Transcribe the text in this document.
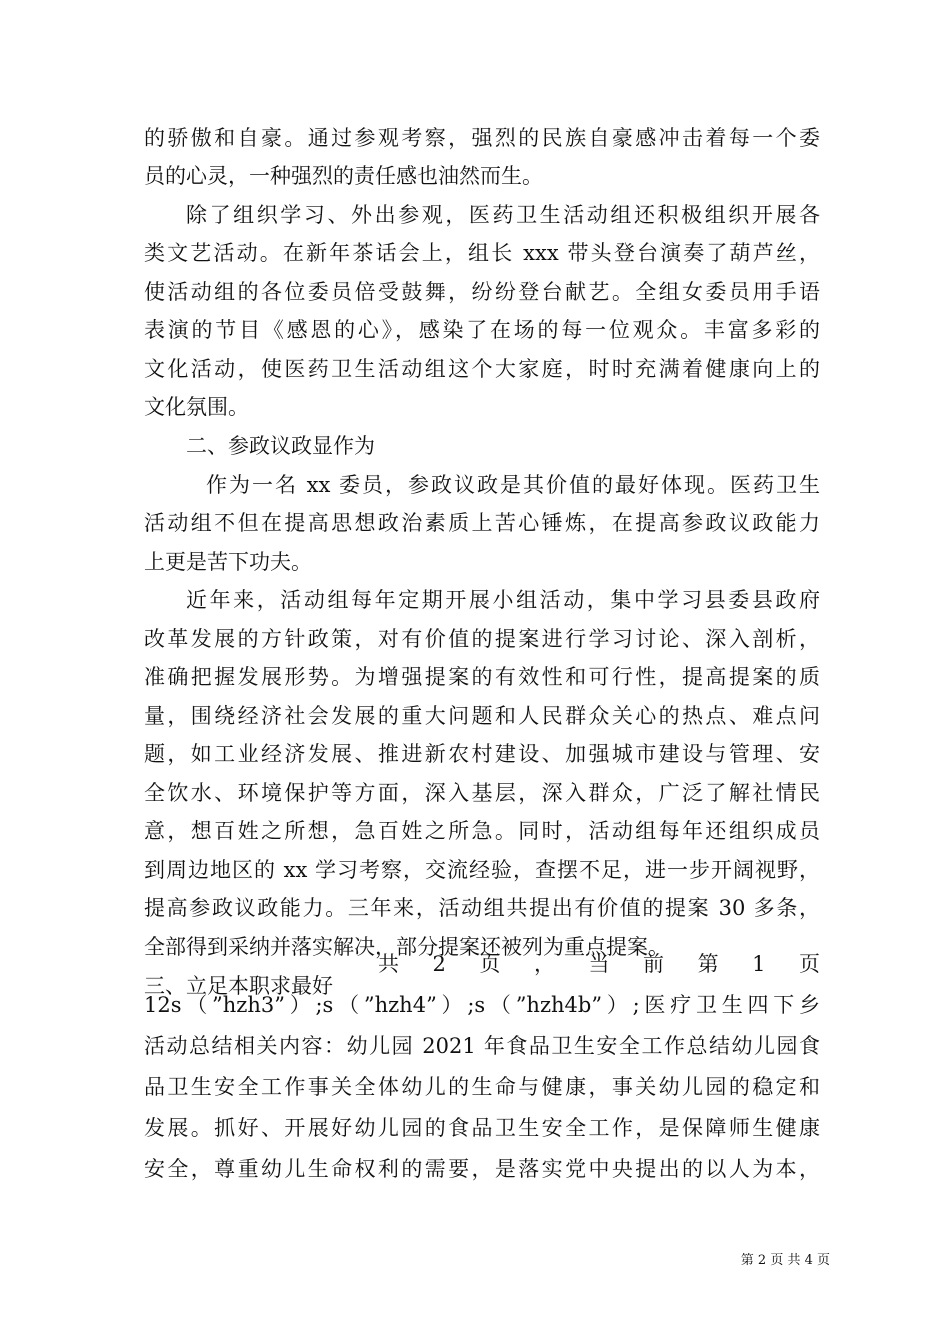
共 2 页 ， 当 前 第 1 页
12s（”hzh3”）;s（”hzh4”）;s（”hzh4b”）;医疗卫生四下乡
活动总结相关内容：幼儿园 2021 年食品卫生安全工作总结幼儿园食
品卫生安全工作事关全体幼儿的生命与健康，事关幼儿园的稳定和
发展。抓好、开展好幼儿园的食品卫生安全工作，是保障师生健康
安全，尊重幼儿生命权利的需要，是落实党中央提出的以人为本，
第 2 页 共 4 页
的骄傲和自豪。通过参观考察，强烈的民族自豪感冲击着每一个委
员的心灵，一种强烈的责任感也油然而生。
除了组织学习、外出参观，医药卫生活动组还积极组织开展各
类文艺活动。在新年茶话会上，组长 xxx 带头登台演奏了葫芦丝，
使活动组的各位委员倍受鼓舞，纷纷登台献艺。全组女委员用手语
表演的节目《感恩的心》，感染了在场的每一位观众。丰富多彩的
文化活动，使医药卫生活动组这个大家庭，时时充满着健康向上的
文化氛围。
二、参政议政显作为
作为一名 xx 委员，参政议政是其价值的最好体现。医药卫生
活动组不但在提高思想政治素质上苦心锤炼，在提高参政议政能力
上更是苦下功夫。
近年来，活动组每年定期开展小组活动，集中学习县委县政府
改革发展的方针政策，对有价值的提案进行学习讨论、深入剖析，
准确把握发展形势。为增强提案的有效性和可行性，提高提案的质
量，围绕经济社会发展的重大问题和人民群众关心的热点、难点问
题，如工业经济发展、推进新农村建设、加强城市建设与管理、安
全饮水、环境保护等方面，深入基层，深入群众，广泛了解社情民
意，想百姓之所想，急百姓之所急。同时，活动组每年还组织成员
到周边地区的 xx 学习考察，交流经验，查摆不足，进一步开阔视野，
提高参政议政能力。三年来，活动组共提出有价值的提案 30 多条，
全部得到采纳并落实解决，部分提案还被列为重点提案。
三、立足本职求最好
